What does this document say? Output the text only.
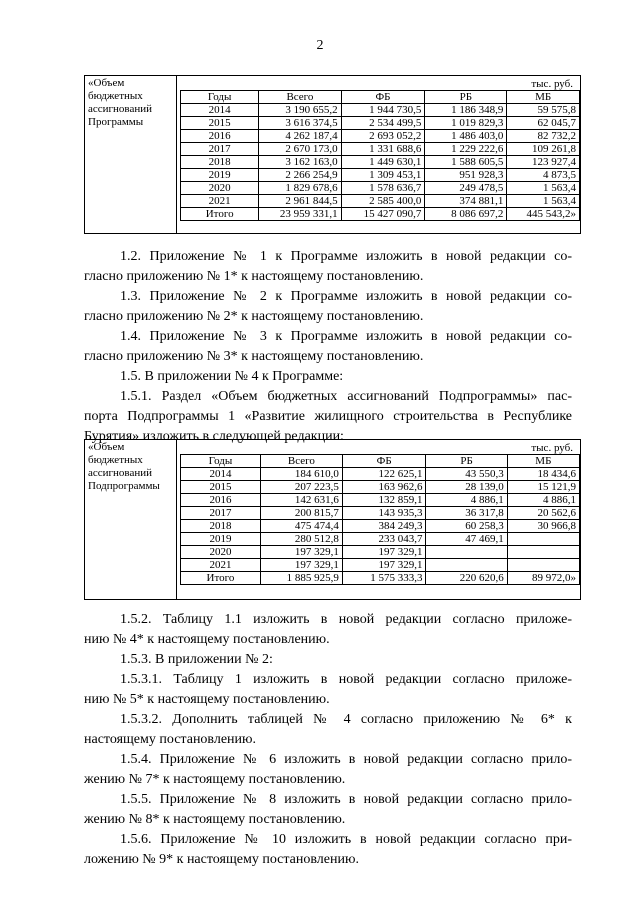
2
«Объем
бюджетных
ассигнований
Программы
тыс. руб.
Годы	Всего	ФБ	РБ	МБ
2014	3 190 655,2	1 944 730,5	1 186 348,9	59 575,8
2015	3 616 374,5	2 534 499,5	1 019 829,3	62 045,7
2016	4 262 187,4	2 693 052,2	1 486 403,0	82 732,2
2017	2 670 173,0	1 331 688,6	1 229 222,6	109 261,8
2018	3 162 163,0	1 449 630,1	1 588 605,5	123 927,4
2019	2 266 254,9	1 309 453,1	951 928,3	4 873,5
2020	1 829 678,6	1 578 636,7	249 478,5	1 563,4
2021	2 961 844,5	2 585 400,0	374 881,1	1 563,4
Итого	23 959 331,1	15 427 090,7	8 086 697,2	445 543,2»
1.2. Приложение № 1 к Программе изложить в новой редакции со-
гласно приложению № 1* к настоящему постановлению.
1.3. Приложение № 2 к Программе изложить в новой редакции со-
гласно приложению № 2* к настоящему постановлению.
1.4. Приложение № 3 к Программе изложить в новой редакции со-
гласно приложению № 3* к настоящему постановлению.
1.5. В приложении № 4 к Программе:
1.5.1. Раздел «Объем бюджетных ассигнований Подпрограммы» пас-
порта Подпрограммы 1 «Развитие жилищного строительства в Республике
Бурятия» изложить в следующей редакции:
«Объем
бюджетных
ассигнований
Подпрограммы
тыс. руб.
Годы	Всего	ФБ	РБ	МБ
2014	184 610,0	122 625,1	43 550,3	18 434,6
2015	207 223,5	163 962,6	28 139,0	15 121,9
2016	142 631,6	132 859,1	4 886,1	4 886,1
2017	200 815,7	143 935,3	36 317,8	20 562,6
2018	475 474,4	384 249,3	60 258,3	30 966,8
2019	280 512,8	233 043,7	47 469,1	
2020	197 329,1	197 329,1		
2021	197 329,1	197 329,1		
Итого	1 885 925,9	1 575 333,3	220 620,6	89 972,0»
1.5.2. Таблицу 1.1 изложить в новой редакции согласно приложе-
нию № 4* к настоящему постановлению.
1.5.3. В приложении № 2:
1.5.3.1. Таблицу 1 изложить в новой редакции согласно приложе-
нию № 5* к настоящему постановлению.
1.5.3.2. Дополнить таблицей № 4 согласно приложению № 6* к
настоящему постановлению.
1.5.4. Приложение № 6 изложить в новой редакции согласно прило-
жению № 7* к настоящему постановлению.
1.5.5. Приложение № 8 изложить в новой редакции согласно прило-
жению № 8* к настоящему постановлению.
1.5.6. Приложение № 10 изложить в новой редакции согласно при-
ложению № 9* к настоящему постановлению.
